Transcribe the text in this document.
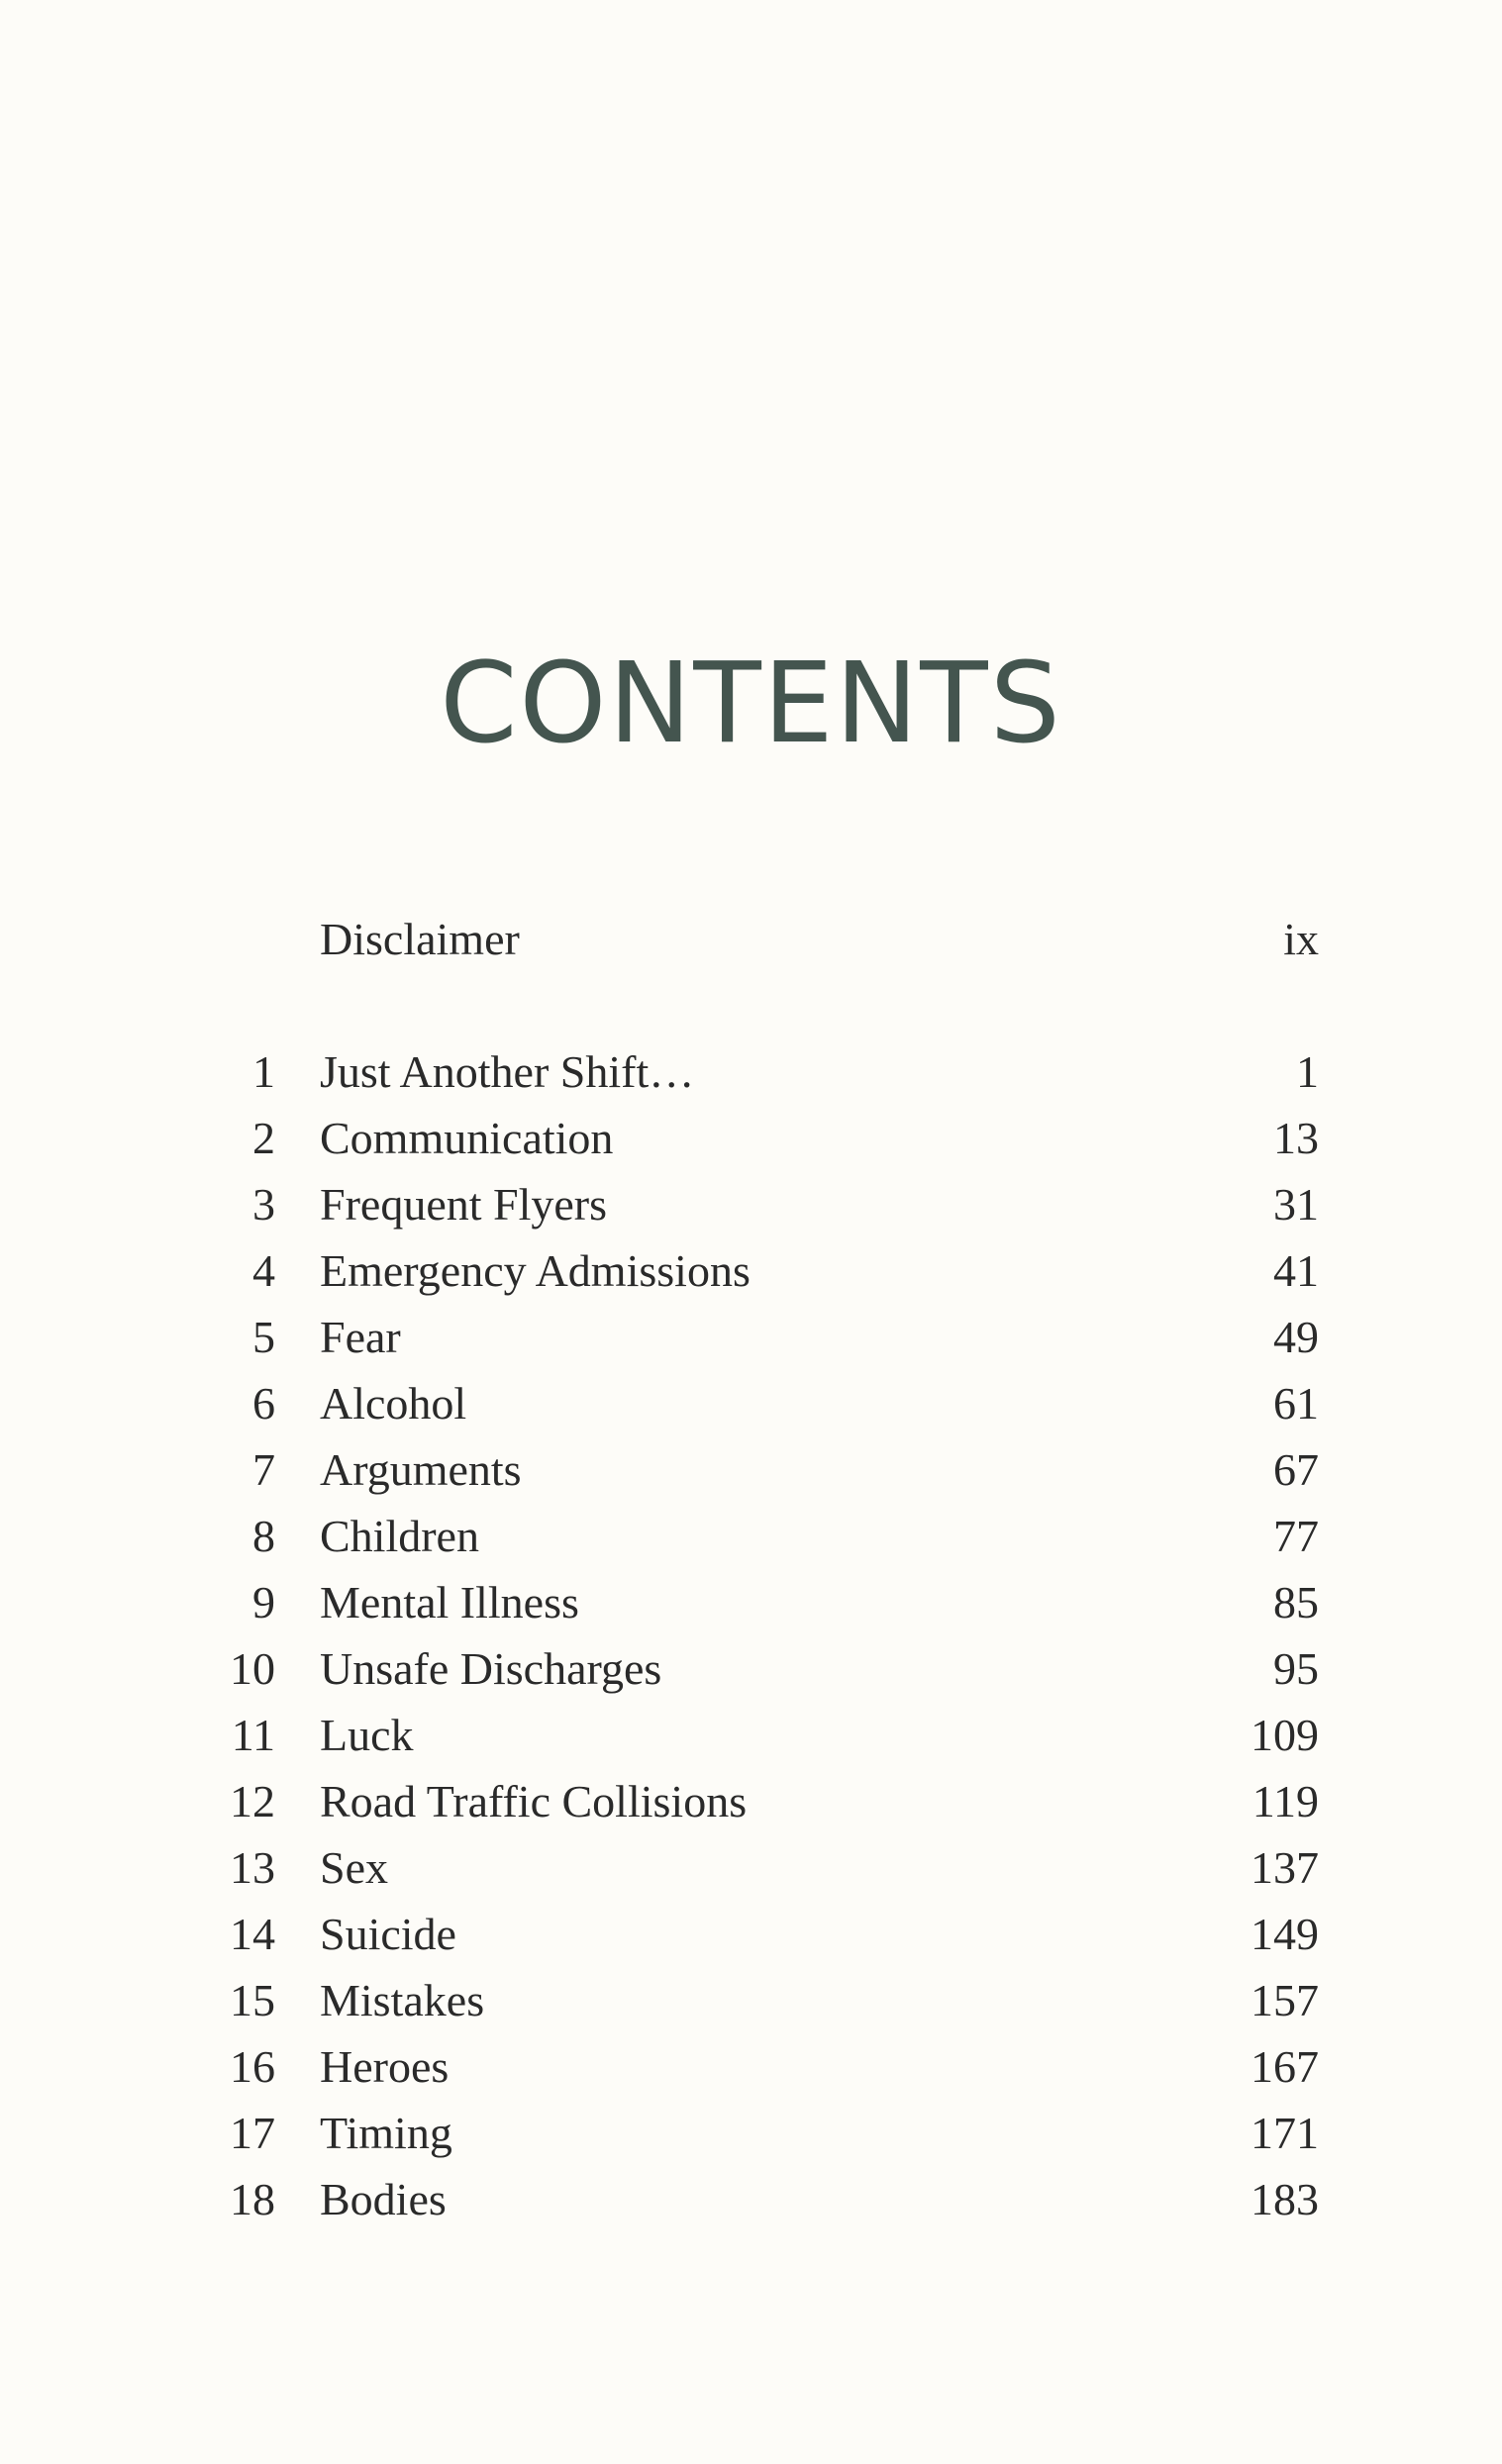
CONTENTS
Disclaimer	ix
1 Just Another Shift…	1
2 Communication	13
3 Frequent Flyers	31
4 Emergency Admissions	41
5 Fear	49
6 Alcohol	61
7 Arguments	67
8 Children	77
9 Mental Illness	85
10 Unsafe Discharges	95
11 Luck	109
12 Road Traffic Collisions	119
13 Sex	137
14 Suicide	149
15 Mistakes	157
16 Heroes	167
17 Timing	171
18 Bodies	183
